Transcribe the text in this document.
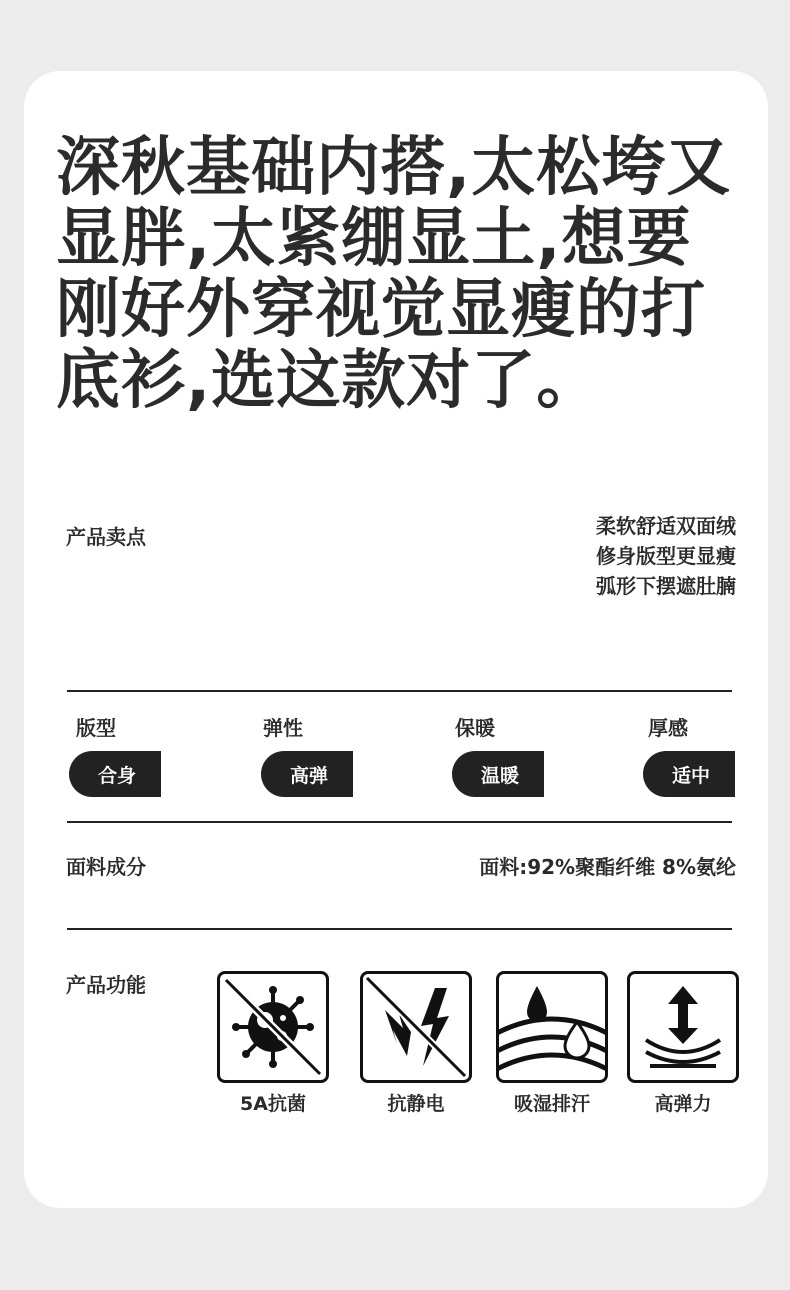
深秋基础内搭,太松垮又显胖,太紧绷显土,想要刚好外穿视觉显瘦的打底衫,选这款对了。
产品卖点	柔软舒适双面绒
修身版型更显瘦
弧形下摆遮肚腩
版型	弹性	保暖	厚感
合身	高弹	温暖	适中
面料成分	面料:92%聚酯纤维 8%氨纶
产品功能
5A抗菌	抗静电	吸湿排汗	高弹力
